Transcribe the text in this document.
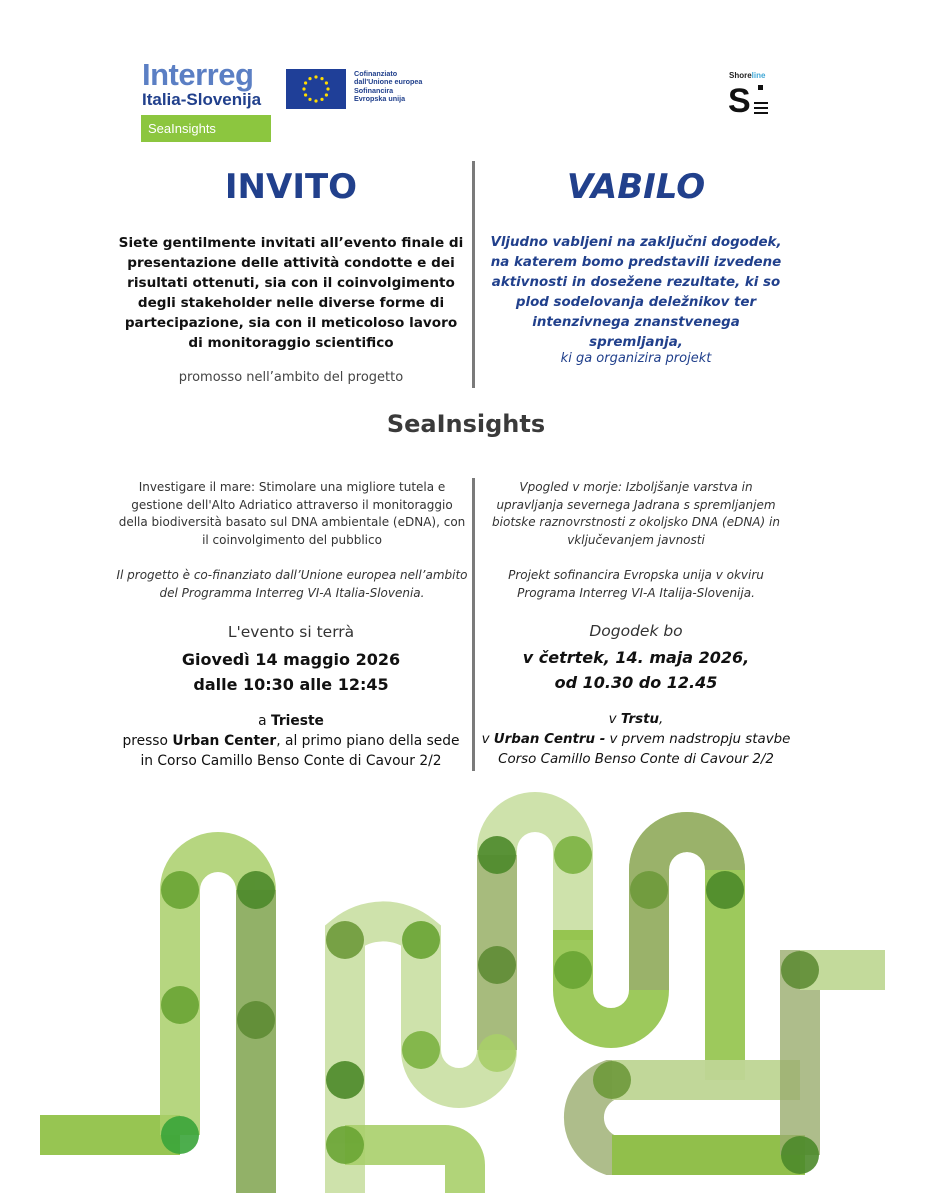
Interreg
Italia-Slovenija
SeaInsights
Cofinanziato
dall'Unione europea
Sofinancira
Evropska unija
Shoreline
S
INVITO
Siete gentilmente invitati all’evento finale di presentazione delle attività condotte e dei risultati ottenuti, sia con il coinvolgimento degli stakeholder nelle diverse forme di partecipazione, sia con il meticoloso lavoro di monitoraggio scientifico
promosso nell’ambito del progetto
VABILO
Vljudno vabljeni na zaključni dogodek, na katerem bomo predstavili izvedene aktivnosti in dosežene rezultate, ki so plod sodelovanja deležnikov ter intenzivnega znanstvenega spremljanja,
ki ga organizira projekt
SeaInsights
Investigare il mare: Stimolare una migliore tutela e gestione dell'Alto Adriatico attraverso il monitoraggio della biodiversità basato sul DNA ambientale (eDNA), con il coinvolgimento del pubblico
Vpogled v morje: Izboljšanje varstva in upravljanja severnega Jadrana s spremljanjem biotske raznovrstnosti z okoljsko DNA (eDNA) in vključevanjem javnosti
Il progetto è co-finanziato dall’Unione europea nell’ambito del Programma Interreg VI-A Italia-Slovenia.
Projekt sofinancira Evropska unija v okviru Programa Interreg VI-A Italija-Slovenija.
L'evento si terrà
Giovedì 14 maggio 2026
dalle 10:30 alle 12:45
Dogodek bo
v četrtek, 14. maja 2026,
od 10.30 do 12.45
a Trieste
presso Urban Center, al primo piano della sede
in Corso Camillo Benso Conte di Cavour 2/2
v Trstu,
v Urban Centru - v prvem nadstropju stavbe
Corso Camillo Benso Conte di Cavour 2/2
